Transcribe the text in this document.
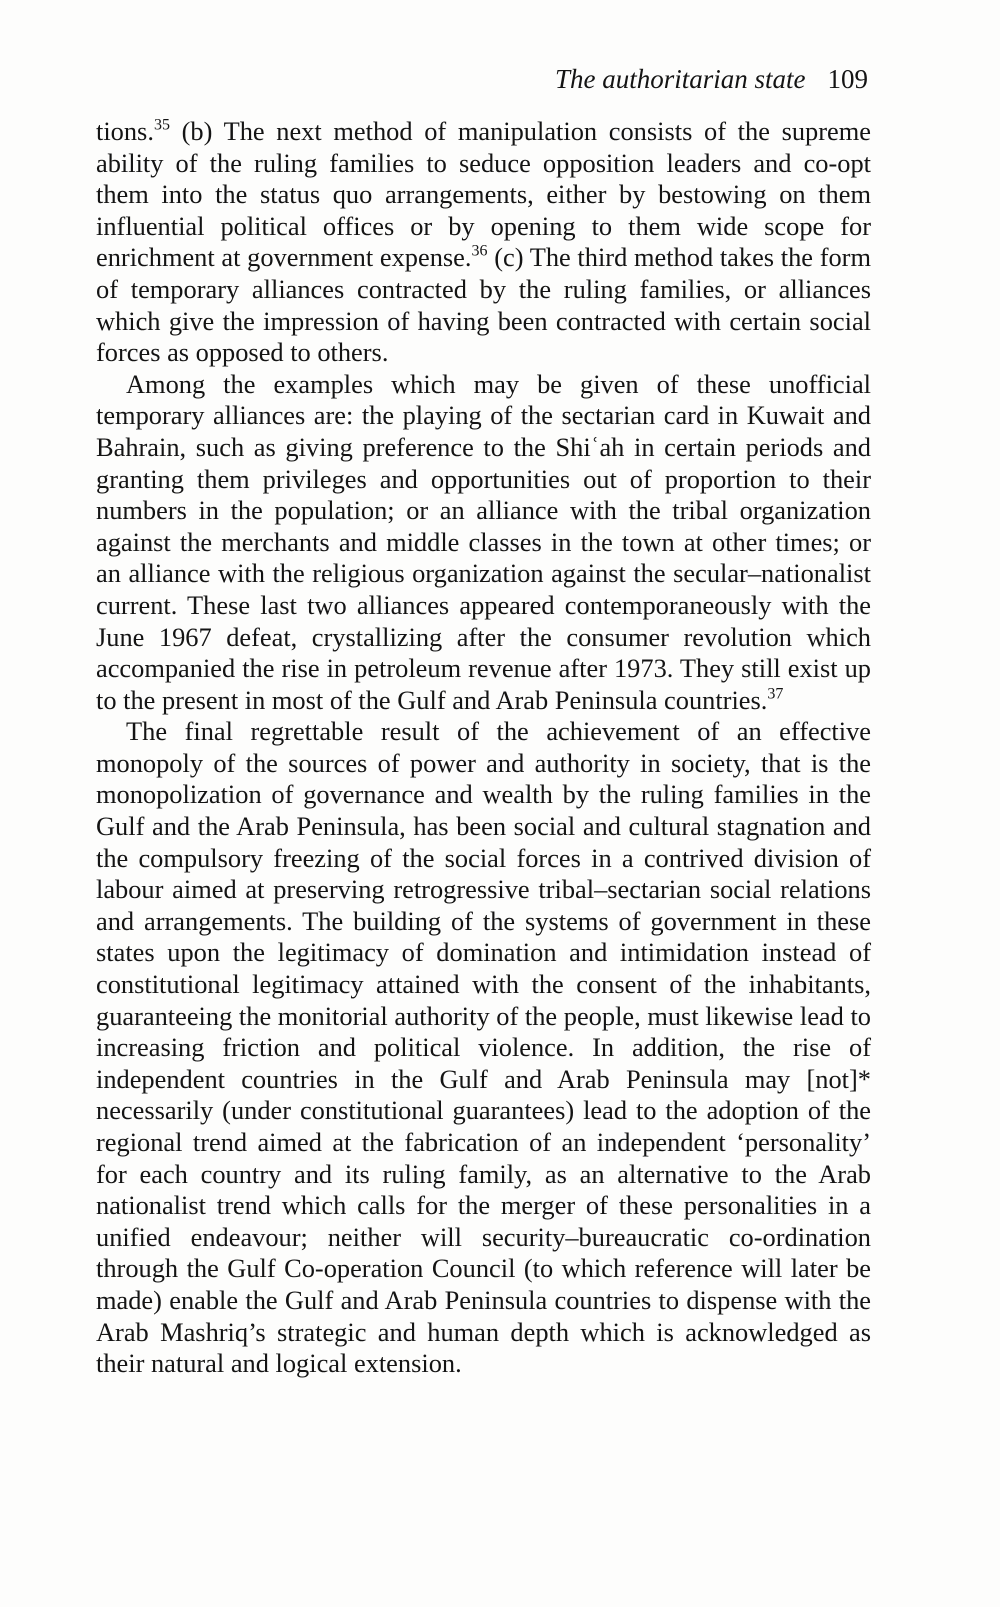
The authoritarian state 109

tions.$^{35}$ (b) The next method of manipulation consists of the supreme ability of the ruling families to seduce opposition leaders and co-opt them into the status quo arrangements, either by bestowing on them influential political offices or by opening to them wide scope for enrichment at government expense.$^{36}$ (c) The third method takes the form of temporary alliances contracted by the ruling families, or alliances which give the impression of having been contracted with certain social forces as opposed to others.

Among the examples which may be given of these unofficial temporary alliances are: the playing of the sectarian card in Kuwait and Bahrain, such as giving preference to the Shiʿah in certain periods and granting them privileges and opportunities out of proportion to their numbers in the population; or an alliance with the tribal organization against the merchants and middle classes in the town at other times; or an alliance with the religious organization against the secular–nationalist current. These last two alliances appeared contemporaneously with the June 1967 defeat, crystallizing after the consumer revolution which accompanied the rise in petroleum revenue after 1973. They still exist up to the present in most of the Gulf and Arab Peninsula countries.$^{37}$

The final regrettable result of the achievement of an effective monopoly of the sources of power and authority in society, that is the monopolization of governance and wealth by the ruling families in the Gulf and the Arab Peninsula, has been social and cultural stagnation and the compulsory freezing of the social forces in a contrived division of labour aimed at preserving retrogressive tribal–sectarian social relations and arrangements. The building of the systems of government in these states upon the legitimacy of domination and intimidation instead of constitutional legitimacy attained with the consent of the inhabitants, guaranteeing the monitorial authority of the people, must likewise lead to increasing friction and political violence. In addition, the rise of independent countries in the Gulf and Arab Peninsula may [not]* necessarily (under constitutional guarantees) lead to the adoption of the regional trend aimed at the fabrication of an independent ‘personality’ for each country and its ruling family, as an alternative to the Arab nationalist trend which calls for the merger of these personalities in a unified endeavour; neither will security–bureaucratic co-ordination through the Gulf Co-operation Council (to which reference will later be made) enable the Gulf and Arab Peninsula countries to dispense with the Arab Mashriq’s strategic and human depth which is acknowledged as their natural and logical extension.
